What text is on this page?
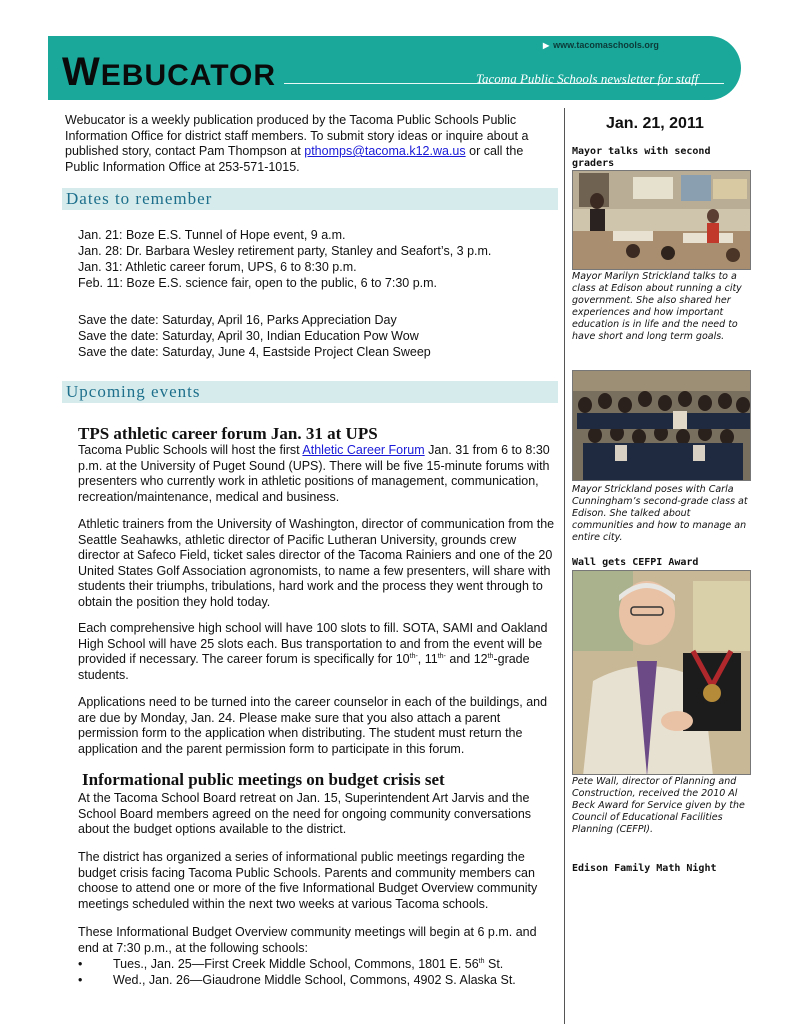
▶ www.tacomaschools.org
WEBUCATOR	Tacoma Public Schools newsletter for staff
Webucator is a weekly publication produced by the Tacoma Public Schools Public Information Office for district staff members. To submit story ideas or inquire about a published story, contact Pam Thompson at pthomps@tacoma.k12.wa.us or call the Public Information Office at 253-571-1015.
Dates to remember
Jan. 21: Boze E.S. Tunnel of Hope event, 9 a.m.
Jan. 28: Dr. Barbara Wesley retirement party, Stanley and Seafort’s, 3 p.m.
Jan. 31: Athletic career forum, UPS, 6 to 8:30 p.m.
Feb. 11: Boze E.S. science fair, open to the public, 6 to 7:30 p.m.
Save the date: Saturday, April 16, Parks Appreciation Day
Save the date: Saturday, April 30, Indian Education Pow Wow
Save the date: Saturday, June 4, Eastside Project Clean Sweep
Upcoming events
TPS athletic career forum Jan. 31 at UPS
Tacoma Public Schools will host the first Athletic Career Forum Jan. 31 from 6 to 8:30 p.m. at the University of Puget Sound (UPS). There will be five 15-minute forums with presenters who currently work in athletic positions of management, communication, recreation/maintenance, medical and business.
Athletic trainers from the University of Washington, director of communication from the Seattle Seahawks, athletic director of Pacific Lutheran University, grounds crew director at Safeco Field, ticket sales director of the Tacoma Rainiers and one of the 20 United States Golf Association agronomists, to name a few presenters, will share with students their triumphs, tribulations, hard work and the process they went through to obtain the position they hold today.
Each comprehensive high school will have 100 slots to fill. SOTA, SAMI and Oakland High School will have 25 slots each. Bus transportation to and from the event will be provided if necessary. The career forum is specifically for $10^{th-}$, $11^{th-}$ and 12th-grade students.
Applications need to be turned into the career counselor in each of the buildings, and are due by Monday, Jan. 24. Please make sure that you also attach a parent permission form to the application when distributing. The student must return the application and the parent permission form to participate in this forum.
Informational public meetings on budget crisis set
At the Tacoma School Board retreat on Jan. 15, Superintendent Art Jarvis and the School Board members agreed on the need for ongoing community conversations about the budget options available to the district.
The district has organized a series of informational public meetings regarding the budget crisis facing Tacoma Public Schools. Parents and community members can choose to attend one or more of the five Informational Budget Overview community meetings scheduled within the next two weeks at various Tacoma schools.
These Informational Budget Overview community meetings will begin at 6 p.m. and end at 7:30 p.m., at the following schools:
• Tues., Jan. 25—First Creek Middle School, Commons, 1801 E. 56th St.
• Wed., Jan. 26—Giaudrone Middle School, Commons, 4902 S. Alaska St.
Jan. 21, 2011
Mayor talks with second graders
Mayor Marilyn Strickland talks to a class at Edison about running a city government. She also shared her experiences and how important education is in life and the need to have short and long term goals.
Mayor Strickland poses with Carla Cunningham’s second-grade class at Edison. She talked about communities and how to manage an entire city.
Wall gets CEFPI Award
Pete Wall, director of Planning and Construction, received the 2010 Al Beck Award for Service given by the Council of Educational Facilities Planning (CEFPI).
Edison Family Math Night
